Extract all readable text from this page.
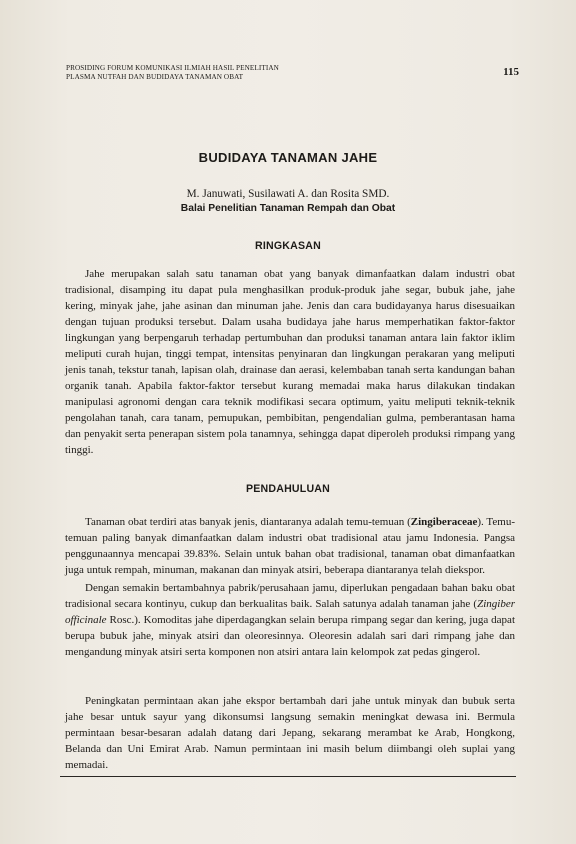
PROSIDING FORUM KOMUNIKASI ILMIAH HASIL PENELITIAN
PLASMA NUTFAH DAN BUDIDAYA TANAMAN OBAT	115
BUDIDAYA TANAMAN JAHE
M. Januwati, Susilawati A. dan Rosita SMD.
Balai Penelitian Tanaman Rempah dan Obat
RINGKASAN

Jahe merupakan salah satu tanaman obat yang banyak dimanfaatkan dalam industri obat tradisional, disamping itu dapat pula menghasilkan produk-produk jahe segar, bubuk jahe, jahe kering, minyak jahe, jahe asinan dan minuman jahe. Jenis dan cara budidayanya harus disesuaikan dengan tujuan produksi tersebut. Dalam usaha budidaya jahe harus memperhatikan faktor-faktor lingkungan yang berpengaruh terhadap pertumbuhan dan produksi tanaman antara lain faktor iklim meliputi curah hujan, tinggi tempat, intensitas penyinaran dan lingkungan perakaran yang meliputi jenis tanah, tekstur tanah, lapisan olah, drainase dan aerasi, kelembaban tanah serta kandungan bahan organik tanah. Apabila faktor-faktor tersebut kurang memadai maka harus dilakukan tindakan manipulasi agronomi dengan cara teknik modifikasi secara optimum, yaitu meliputi teknik-teknik pengolahan tanah, cara tanam, pemupukan, pembibitan, pengendalian gulma, pemberantasan hama dan penyakit serta penerapan sistem pola tanamnya, sehingga dapat diperoleh produksi rimpang yang tinggi.

PENDAHULUAN

Tanaman obat terdiri atas banyak jenis, diantaranya adalah temu-temuan (Zingiberaceae). Temu-temuan paling banyak dimanfaatkan dalam industri obat tradisional atau jamu Indonesia. Pangsa penggunaannya mencapai 39.83%. Selain untuk bahan obat tradisional, tanaman obat dimanfaatkan juga untuk rempah, minuman, makanan dan minyak atsiri, beberapa diantaranya telah diekspor.

Dengan semakin bertambahnya pabrik/perusahaan jamu, diperlukan pengadaan bahan baku obat tradisional secara kontinyu, cukup dan berkualitas baik. Salah satunya adalah tanaman jahe (Zingiber officinale Rosc.). Komoditas jahe diperdagangkan selain berupa rimpang segar dan kering, juga dapat berupa bubuk jahe, minyak atsiri dan oleoresinnya. Oleoresin adalah sari dari rimpang jahe dan mengandung minyak atsiri serta komponen non atsiri antara lain kelompok zat pedas gingerol.

Peningkatan permintaan akan jahe ekspor bertambah dari jahe untuk minyak dan bubuk serta jahe besar untuk sayur yang dikonsumsi langsung semakin meningkat dewasa ini. Bermula permintaan besar-besaran adalah datang dari Jepang, sekarang merambat ke Arab, Hongkong, Belanda dan Uni Emirat Arab. Namun permintaan ini masih belum diimbangi oleh suplai yang memadai.
